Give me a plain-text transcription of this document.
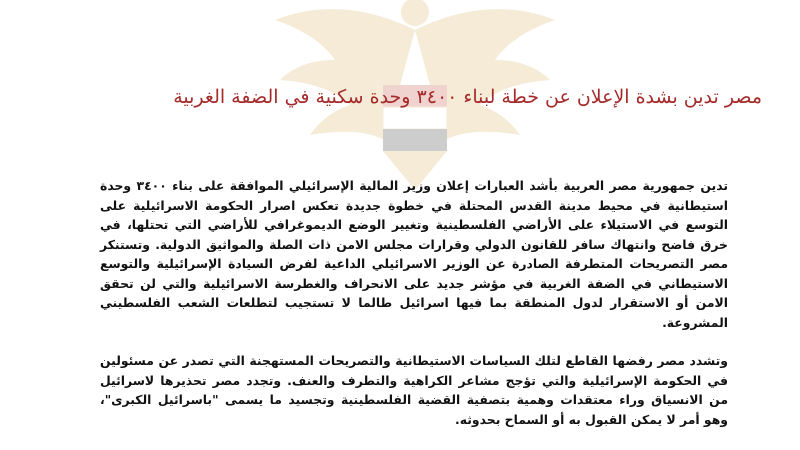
مصر تدين بشدة الإعلان عن خطة لبناء ٣٤٠٠ وحدة سكنية في الضفة الغربية

تدين جمهورية مصر العربية بأشد العبارات إعلان وزير المالية الإسرائيلي الموافقة على بناء ٣٤٠٠ وحدة استيطانية في محيط مدينة القدس المحتلة في خطوة جديدة تعكس اصرار الحكومة الاسرائيلية على التوسع في الاستيلاء على الأراضي الفلسطينية وتغيير الوضع الديموغرافي للأراضي التي تحتلها، في خرق فاضح وانتهاك سافر للقانون الدولي وقرارات مجلس الامن ذات الصلة والمواثيق الدولية. وتستنكر مصر التصريحات المتطرفة الصادرة عن الوزير الاسرائيلي الداعية لفرض السيادة الإسرائيلية والتوسع الاستيطاني في الضفة الغربية في مؤشر جديد على الانحراف والغطرسة الاسرائيلية والتي لن تحقق الامن أو الاستقرار لدول المنطقة بما فيها اسرائيل طالما لا تستجيب لتطلعات الشعب الفلسطيني المشروعة.

وتشدد مصر رفضها القاطع لتلك السياسات الاستيطانية والتصريحات المستهجنة التي تصدر عن مسئولين في الحكومة الإسرائيلية والتي تؤجج مشاعر الكراهية والتطرف والعنف. وتجدد مصر تحذيرها لاسرائيل من الانسياق وراء معتقدات وهمية بتصفية القضية الفلسطينية وتجسيد ما يسمى "باسرائيل الكبرى"، وهو أمر لا يمكن القبول به أو السماح بحدوثه.
